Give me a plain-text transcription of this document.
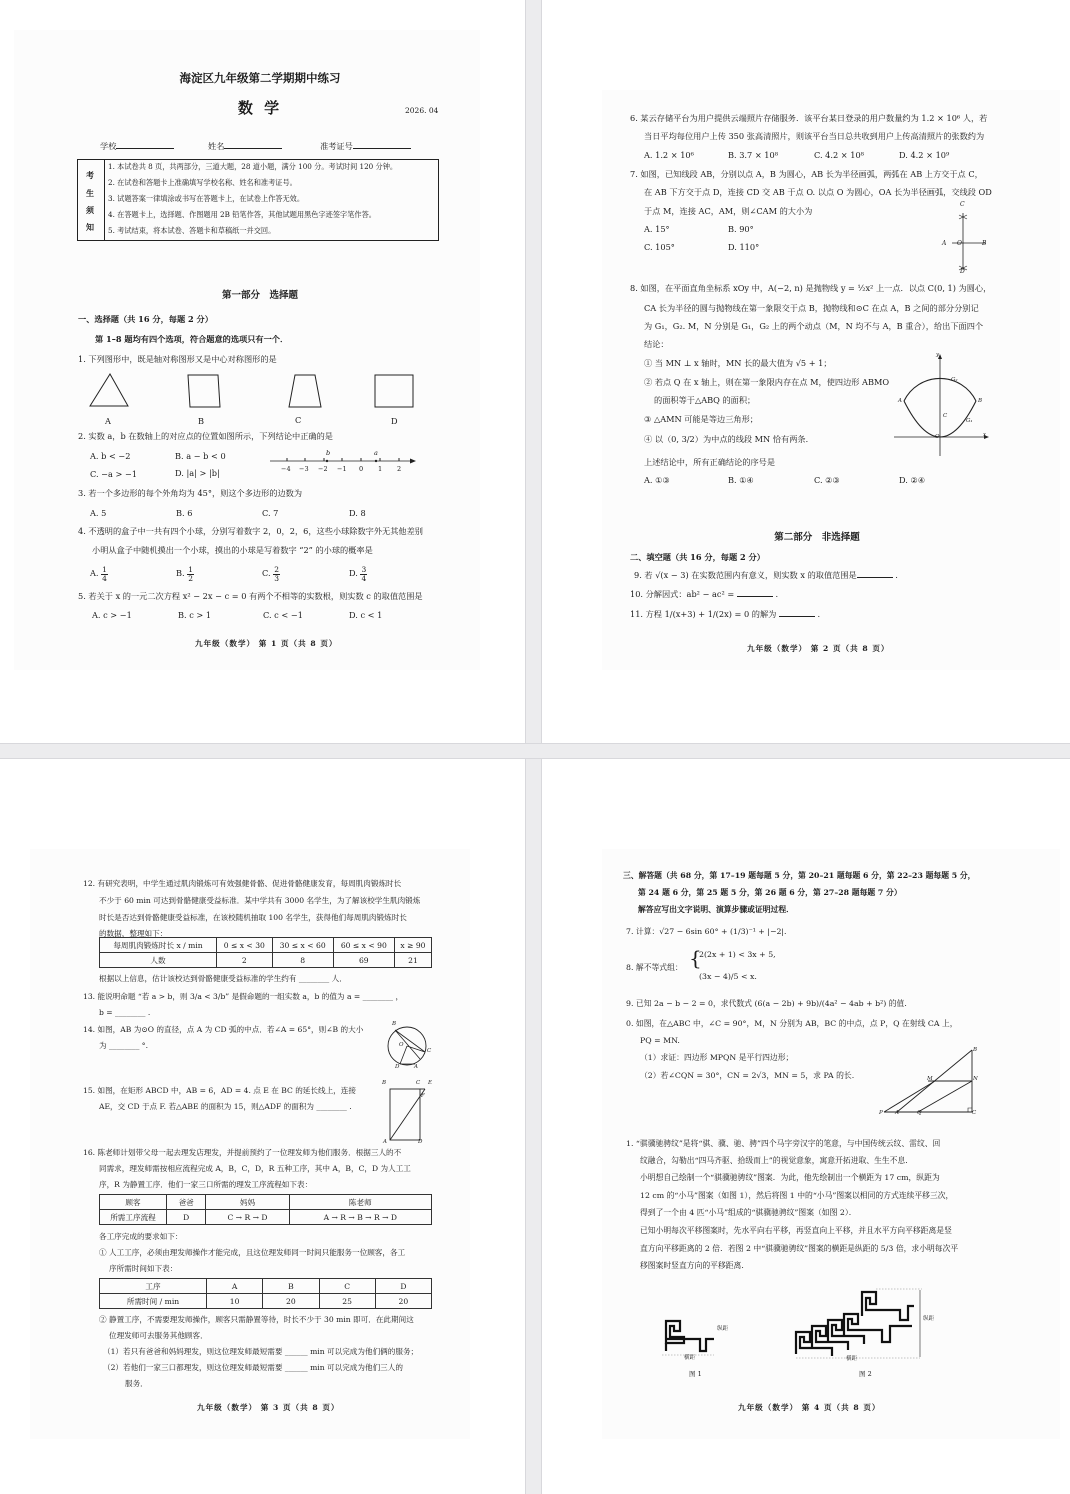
海淀区九年级第二学期期中练习
数 学	2026. 04
学校	姓名	准考证号
考
生
须
知
1. 本试卷共 8 页，共两部分，三道大题，28 道小题，满分 100 分。考试时间 120 分钟。
2. 在试卷和答题卡上准确填写学校名称、姓名和准考证号。
3. 试题答案一律填涂或书写在答题卡上，在试卷上作答无效。
4. 在答题卡上，选择题、作图题用 2B 铅笔作答，其他试题用黑色字迹签字笔作答。
5. 考试结束，将本试卷、答题卡和草稿纸一并交回。
第一部分　选择题
一、选择题（共 16 分，每题 2 分）
第 1–8 题均有四个选项，符合题意的选项只有一个．
1. 下列图形中，既是轴对称图形又是中心对称图形的是
A	B	C	D
2. 实数 a，b 在数轴上的对应点的位置如图所示，下列结论中正确的是
A. b < −2	B. a − b < 0
C. −a > −1	D. |a| > |b|	−4 −3 −2 −1 0 1 2
b	a
3. 若一个多边形的每个外角均为 45°，则这个多边形的边数为
A. 5	B. 6	C. 7	D. 8
4. 不透明的盒子中一共有四个小球，分别写着数字 2，0，2，6，这些小球除数字外无其他差别
小明从盒子中随机摸出一个小球，摸出的小球是写着数字 “2” 的小球的概率是
A. $\frac{1}{4}$	B. $\frac{1}{2}$	C. $\frac{2}{3}$	D. $\frac{3}{4}$
5. 若关于 x 的一元二次方程 x² − 2x − c = 0 有两个不相等的实数根，则实数 c 的取值范围是
A. c > −1	B. c > 1	C. c < −1	D. c < 1
九年级（数学） 第 1 页（共 8 页）
6. 某云存储平台为用户提供云端照片存储服务．该平台某日登录的用户数量约为 1.2 × 10⁶ 人，若
当日平均每位用户上传 350 张高清照片，则该平台当日总共收到用户上传高清照片的张数约为
A. 1.2 × 10⁶	B. 3.7 × 10⁸	C. 4.2 × 10⁸	D. 4.2 × 10⁹
7. 如图，已知线段 AB，分别以点 A，B 为圆心，AB 长为半径画弧，两弧在 AB 上方交于点 C，
在 AB 下方交于点 D，连接 CD 交 AB 于点 O. 以点 O 为圆心，OA 长为半径画弧，交线段 OD
于点 M，连接 AC，AM，则∠CAM 的大小为
A. 15°	B. 90°
C. 105°	D. 110°
C
A O	B
D
8. 如图，在平面直角坐标系 xOy 中，A(−2, n) 是抛物线 y = ½x² 上一点．以点 C(0, 1) 为圆心，
CA 长为半径的圆与抛物线在第一象限交于点 B，抛物线和⊙C 在点 A，B 之间的部分分别记
为 G₁，G₂. M，N 分别是 G₁，G₂ 上的两个动点（M，N 均不与 A，B 重合），给出下面四个
结论：
① 当 MN ⊥ x 轴时，MN 长的最大值为 √5 + 1；
② 若点 Q 在 x 轴上，则在第一象限内存在点 M，使四边形 ABMO
的面积等于△ABQ 的面积；
③ △AMN 可能是等边三角形；
④ 以（0, 3/2）为中点的线段 MN 恰有两条．
上述结论中，所有正确结论的序号是
A. ①③	B. ①④	C. ②③	D. ②④
y
x
A	B
C
O
G₁
G₂
第二部分　非选择题
二、填空题（共 16 分，每题 2 分）
9. 若 √(x − 3) 在实数范围内有意义，则实数 x 的取值范围是	.
10. 分解因式：ab² − ac² =	.
11. 方程 1/(x+3) + 1/(2x) = 0 的解为	.
九年级（数学） 第 2 页（共 8 页）
12. 有研究表明，中学生通过肌肉锻炼可有效强健骨骼、促进骨骼健康发育，每周肌肉锻炼时长
不少于 60 min 可达到骨骼健康受益标准．某中学共有 3000 名学生，为了解该校学生肌肉锻炼
时长是否达到骨骼健康受益标准，在该校随机抽取 100 名学生，获得他们每周肌肉锻炼时长
的数据，整理如下：
每周肌肉锻炼时长 x / min	0 ≤ x < 30	30 ≤ x < 60	60 ≤ x < 90	x ≥ 90
人数	2	8	69	21
根据以上信息，估计该校达到骨骼健康受益标准的学生约有 ________ 人．
13. 能说明命题 “若 a > b，则 3/a < 3/b” 是假命题的一组实数 a，b 的值为 a = ________ ，
b = ________ .
14. 如图，AB 为⊙O 的直径，点 A 为 CD 弧的中点．若∠A = 65°，则∠B 的大小
为 ________ °.
B
O
C
D	A
15. 如图，在矩形 ABCD 中，AB = 6，AD = 4. 点 E 在 BC 的延长线上，连接
AE，交 CD 于点 F. 若△ABE 的面积为 15，则△ADF 的面积为 ________ .
B	C E
F
A	D
16. 陈老师计划带父母一起去理发店理发，并提前预约了一位理发师为他们服务．根据三人的不
同需求，理发师需按相应流程完成 A，B，C，D，R 五种工序，其中 A，B，C，D 为人工工
序，R 为静置工序．他们一家三口所需的理发工序流程如下表：
顾客	爸爸	妈妈	陈老师
所需工序流程	D	C → R → D	A → R → B → R → D
各工序完成的要求如下：
① 人工工序，必须由理发师操作才能完成，且这位理发师同一时间只能服务一位顾客，各工
序所需时间如下表：
工序	A	B	C	D
所需时间 / min	10	20	25	20
② 静置工序，不需要理发师操作，顾客只需静置等待，时长不少于 30 min 即可．在此期间这
位理发师可去服务其他顾客．
（1）若只有爸爸和妈妈理发，则这位理发师最短需要 ______ min 可以完成为他们俩的服务；
（2）若他们一家三口都理发，则这位理发师最短需要 ______ min 可以完成为他们三人的
服务．
九年级（数学） 第 3 页（共 8 页）
三、解答题（共 68 分，第 17–19 题每题 5 分，第 20–21 题每题 6 分，第 22–23 题每题 5 分，
第 24 题 6 分，第 25 题 5 分，第 26 题 6 分，第 27–28 题每题 7 分）
解答应写出文字说明、演算步骤或证明过程．
7. 计算：√27 − 6sin 60° + (1/3)⁻¹ + |−2|.
8. 解不等式组： {
2(2x + 1) < 3x + 5,
(3x − 4)/5 < x.
9. 已知 2a − b − 2 = 0，求代数式 (6(a − 2b) + 9b)/(4a² − 4ab + b²) 的值．
0. 如图，在△ABC 中，∠C = 90°，M，N 分别为 AB，BC 的中点，点 P，Q 在射线 CA 上，
PQ = MN.
（1）求证：四边形 MPQN 是平行四边形；
（2）若∠CQN = 30°，CN = 2√3，MN = 5，求 PA 的长.
B
M	N
P A	Q	C
1. “骐骥驰骋纹”是将“骐、骥、驰、骋”四个马字旁汉字的笔意，与中国传统云纹、雷纹、回
纹融合，勾勒出“四马齐驱、拾级而上”的视觉意象，寓意开拓进取、生生不息．
小明想自己绘制一个“骐骥驰骋纹”图案．为此，他先绘制出一个横距为 17 cm，纵距为
12 cm 的“小马”图案（如图 1），然后将图 1 中的“小马”图案以相同的方式连续平移三次，
得到了一个由 4 匹“小马”组成的“骐骥驰骋纹”图案（如图 2）．
已知小明每次平移图案时，先水平向右平移，再竖直向上平移，并且水平方向平移距离是竖
直方向平移距离的 2 倍．若图 2 中“骐骥驰骋纹”图案的横距是纵距的 5/3 倍，求小明每次平
移图案时竖直方向的平移距离．
纵距
横距
图 1
纵距
横距
图 2
九年级（数学） 第 4 页（共 8 页）
